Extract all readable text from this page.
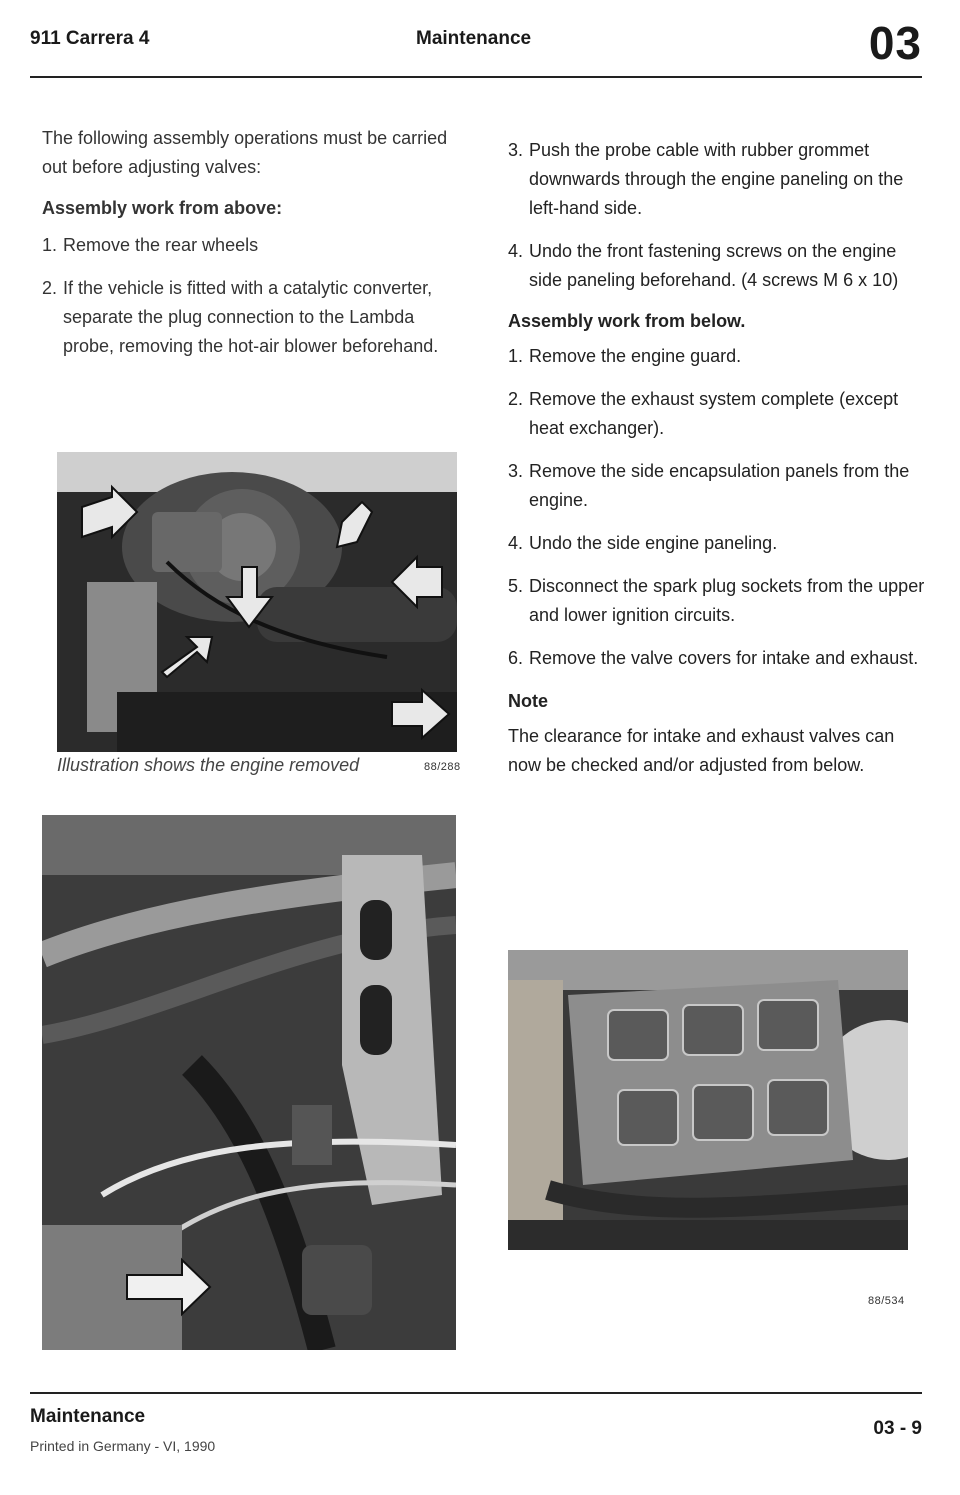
911 Carrera 4	Maintenance	03

The following assembly operations must be carried out before adjusting valves:

Assembly work from above:
1. Remove the rear wheels
2. If the vehicle is fitted with a catalytic converter, separate the plug connection to the Lambda probe, removing the hot-air blower beforehand.
Illustration shows the engine removed	88/288
3. Push the probe cable with rubber grommet downwards through the engine paneling on the left-hand side.
4. Undo the front fastening screws on the engine side paneling beforehand. (4 screws M 6 x 10)
Assembly work from below.
1. Remove the engine guard.
2. Remove the exhaust system complete (except heat exchanger).
3. Remove the side encapsulation panels from the engine.
4. Undo the side engine paneling.
5. Disconnect the spark plug sockets from the upper and lower ignition circuits.
6. Remove the valve covers for intake and exhaust.
Note

The clearance for intake and exhaust valves can now be checked and/or adjusted from below.

88/534
Maintenance
Printed in Germany - VI, 1990
03 - 9
